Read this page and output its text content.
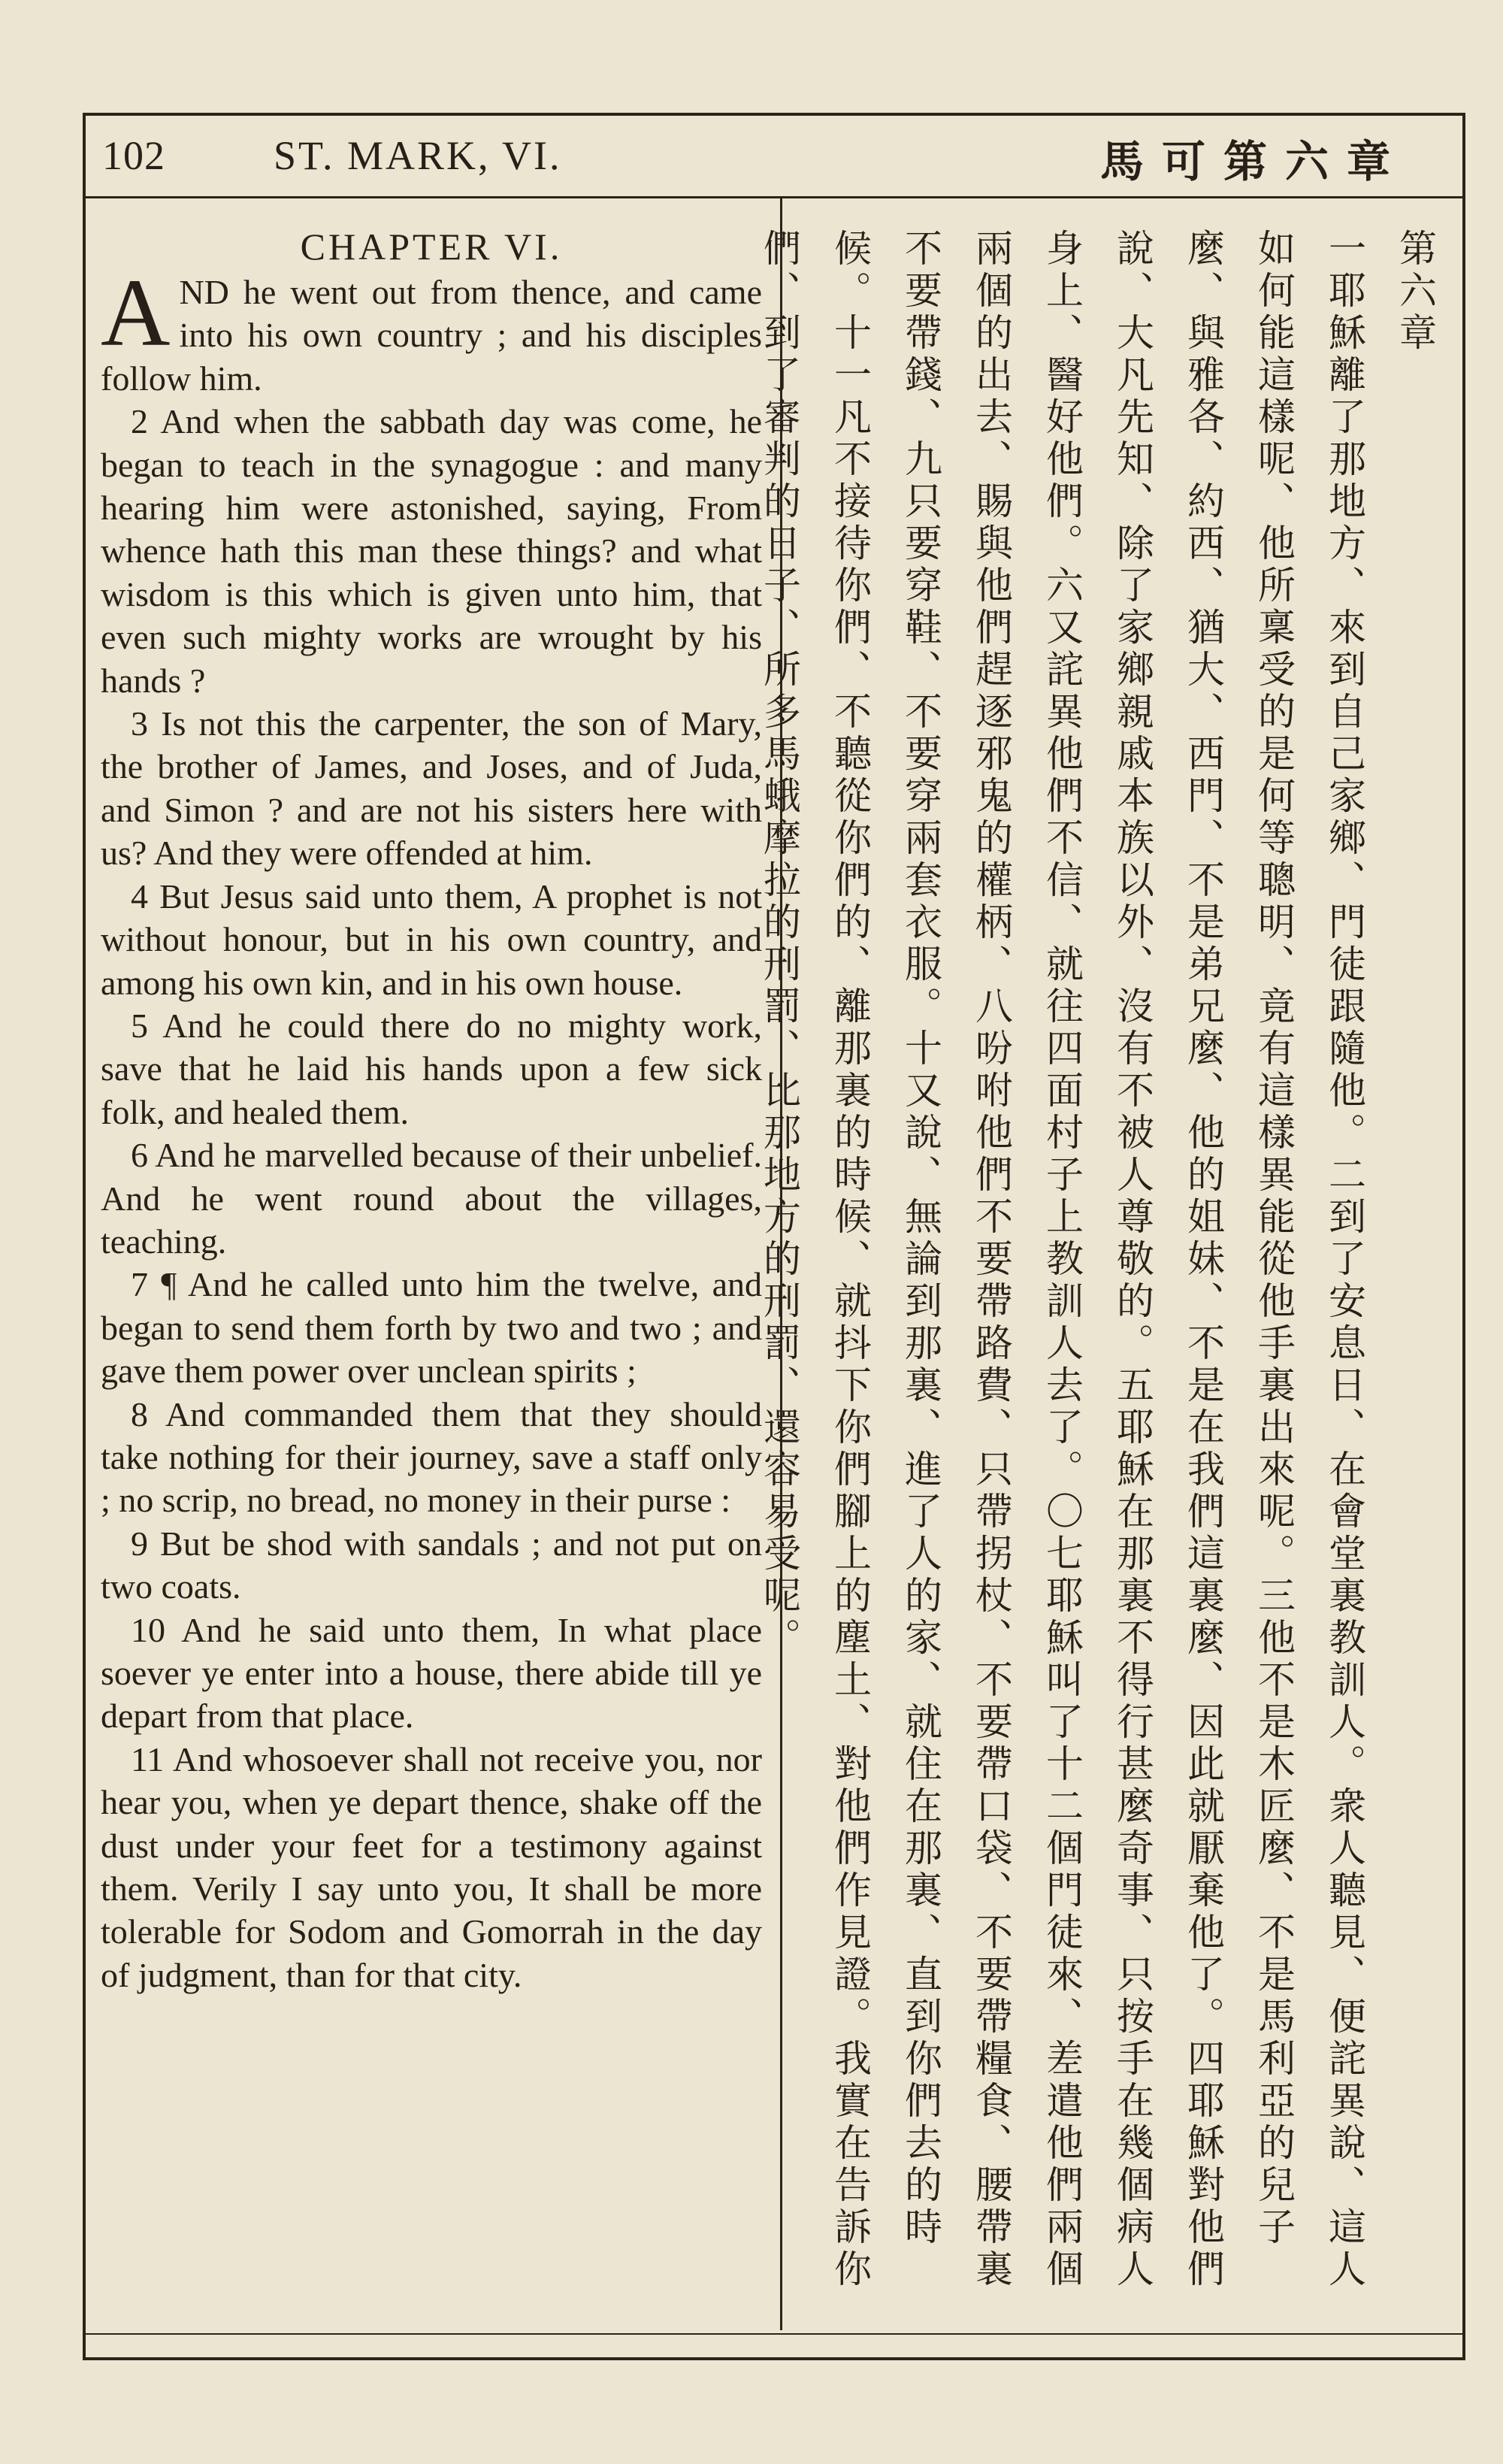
102	ST. MARK, VI.	馬可第六章
CHAPTER VI.

AND he went out from thence, and came into his own country ; and his disciples follow him.

2 And when the sabbath day was come, he began to teach in the synagogue : and many hearing him were astonished, saying, From whence hath this man these things? and what wisdom is this which is given unto him, that even such mighty works are wrought by his hands ?

3 Is not this the carpenter, the son of Mary, the brother of James, and Joses, and of Juda, and Simon ? and are not his sisters here with us? And they were offended at him.

4 But Jesus said unto them, A prophet is not without honour, but in his own country, and among his own kin, and in his own house.

5 And he could there do no mighty work, save that he laid his hands upon a few sick folk, and healed them.

6 And he marvelled because of their unbelief. And he went round about the villages, teaching.

7 ¶ And he called unto him the twelve, and began to send them forth by two and two ; and gave them power over unclean spirits ;

8 And commanded them that they should take nothing for their journey, save a staff only ; no scrip, no bread, no money in their purse :

9 But be shod with sandals ; and not put on two coats.

10 And he said unto them, In what place soever ye enter into a house, there abide till ye depart from that place.

11 And whosoever shall not receive you, nor hear you, when ye depart thence, shake off the dust under your feet for a testimony against them. Verily I say unto you, It shall be more tolerable for Sodom and Gomorrah in the day of judgment, than for that city.

第六章
一耶穌離了那地方、來到自己家鄉、門徒跟隨他。二到了安息日、在會堂裏教訓人。衆人聽見、便詫異說、這人如何能這樣呢、他所稟受的是何等聰明、竟有這樣異能從他手裏出來呢。三他不是木匠麼、不是馬利亞的兒子麼、與雅各、約西、猶大、西門、不是弟兄麼、他的姐妹、不是在我們這裏麼、因此就厭棄他了。四耶穌對他們說、大凡先知、除了家鄉親戚本族以外、沒有不被人尊敬的。五耶穌在那裏不得行甚麼奇事、只按手在幾個病人身上、醫好他們。六又詫異他們不信、就往四面村子上教訓人去了。〇七耶穌叫了十二個門徒來、差遣他們兩個兩個的出去、賜與他們趕逐邪鬼的權柄、八吩咐他們不要帶路費、只帶拐杖、不要帶口袋、不要帶糧食、腰帶裏不要帶錢、九只要穿鞋、不要穿兩套衣服。十又說、無論到那裏、進了人的家、就住在那裏、直到你們去的時候。十一凡不接待你們、不聽從你們的、離那裏的時候、就抖下你們腳上的塵土、對他們作見證。我實在告訴你們、到了審判的日子、所多馬蛾摩拉的刑罰、比那地方的刑罰、還容易受呢。
